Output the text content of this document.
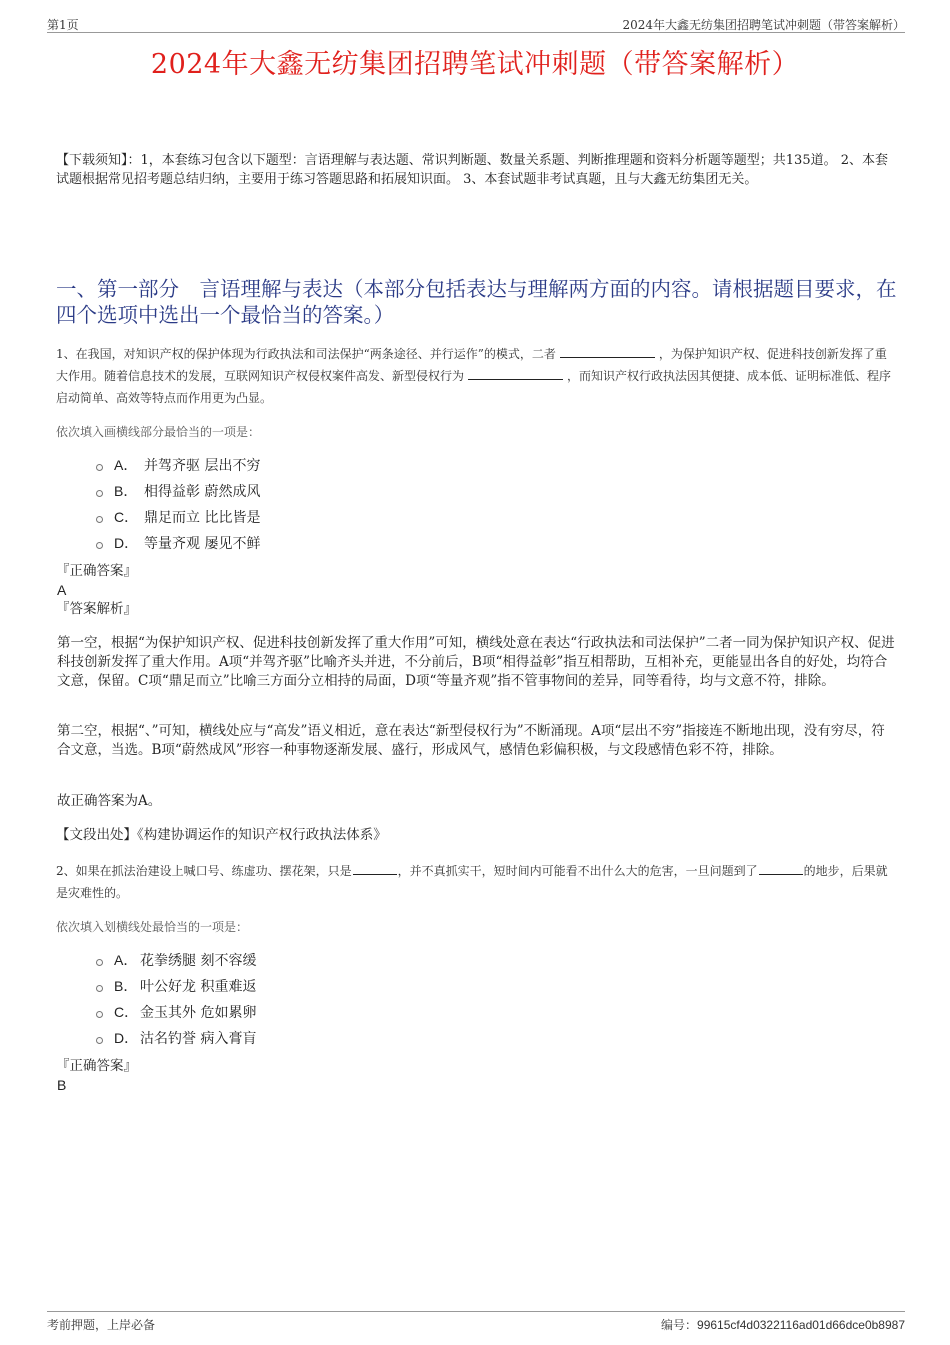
第1页	2024年大鑫无纺集团招聘笔试冲刺题（带答案解析）
2024年大鑫无纺集团招聘笔试冲刺题（带答案解析）
【下载须知】：1，本套练习包含以下题型：言语理解与表达题、常识判断题、数量关系题、判断推理题和资料分析题等题型；共135道。 2、本套试题根据常见招考题总结归纳，主要用于练习答题思路和拓展知识面。 3、本套试题非考试真题，且与大鑫无纺集团无关。
一、第一部分　言语理解与表达（本部分包括表达与理解两方面的内容。请根据题目要求，在四个选项中选出一个最恰当的答案。）
1、在我国，对知识产权的保护体现为行政执法和司法保护“两条途径、并行运作”的模式，二者	，为保护知识产权、促进科技创新发挥了重大作用。随着信息技术的发展，互联网知识产权侵权案件高发、新型侵权行为	，而知识产权行政执法因其便捷、成本低、证明标准低、程序启动简单、高效等特点而作用更为凸显。
依次填入画横线部分最恰当的一项是：
A． 并驾齐驱 层出不穷
B． 相得益彰 蔚然成风
C． 鼎足而立 比比皆是
D． 等量齐观 屡见不鲜
『正确答案』
A
『答案解析』
第一空，根据“为保护知识产权、促进科技创新发挥了重大作用”可知，横线处意在表达“行政执法和司法保护”二者一同为保护知识产权、促进科技创新发挥了重大作用。A项“并驾齐驱”比喻齐头并进，不分前后，B项“相得益彰”指互相帮助，互相补充，更能显出各自的好处，均符合文意，保留。C项“鼎足而立”比喻三方面分立相持的局面，D项“等量齐观”指不管事物间的差异，同等看待，均与文意不符，排除。
第二空，根据“、”可知，横线处应与“高发”语义相近，意在表达“新型侵权行为”不断涌现。A项“层出不穷”指接连不断地出现，没有穷尽，符合文意，当选。B项“蔚然成风”形容一种事物逐渐发展、盛行，形成风气，感情色彩偏积极，与文段感情色彩不符，排除。
故正确答案为A。
【文段出处】《构建协调运作的知识产权行政执法体系》
2、如果在抓法治建设上喊口号、练虚功、摆花架，只是	，并不真抓实干，短时间内可能看不出什么大的危害，一旦问题到了	的地步，后果就是灾难性的。
依次填入划横线处最恰当的一项是：
A． 花拳绣腿 刻不容缓
B． 叶公好龙 积重难返
C． 金玉其外 危如累卵
D． 沽名钓誉 病入膏肓
『正确答案』
B
考前押题，上岸必备	编号：99615cf4d0322116ad01d66dce0b8987
